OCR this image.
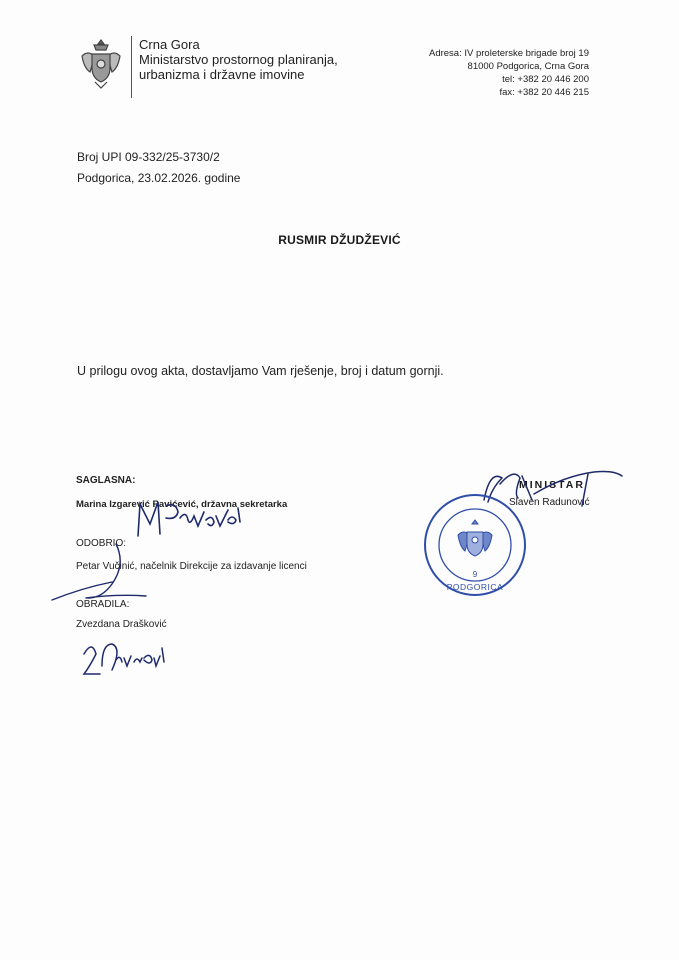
Crna Gora
Ministarstvo prostornog planiranja,
urbanizma i državne imovine
Adresa: IV proleterske brigade broj 19
81000 Podgorica, Crna Gora
tel: +382 20 446 200
fax: +382 20 446 215
Broj UPI 09-332/25-3730/2
Podgorica, 23.02.2026. godine
RUSMIR DŽUDŽEVIĆ
U prilogu ovog akta, dostavljamo Vam rješenje, broj i datum gornji.
SAGLASNA:
Marina Izgarević Pavićević, državna sekretarka
ODOBRIO:
Petar Vučinić, načelnik Direkcije za izdavanje licenci
OBRADILA:
Zvezdana Drašković
MINISTAR
Slaven Radunović
9
PODGORICA
